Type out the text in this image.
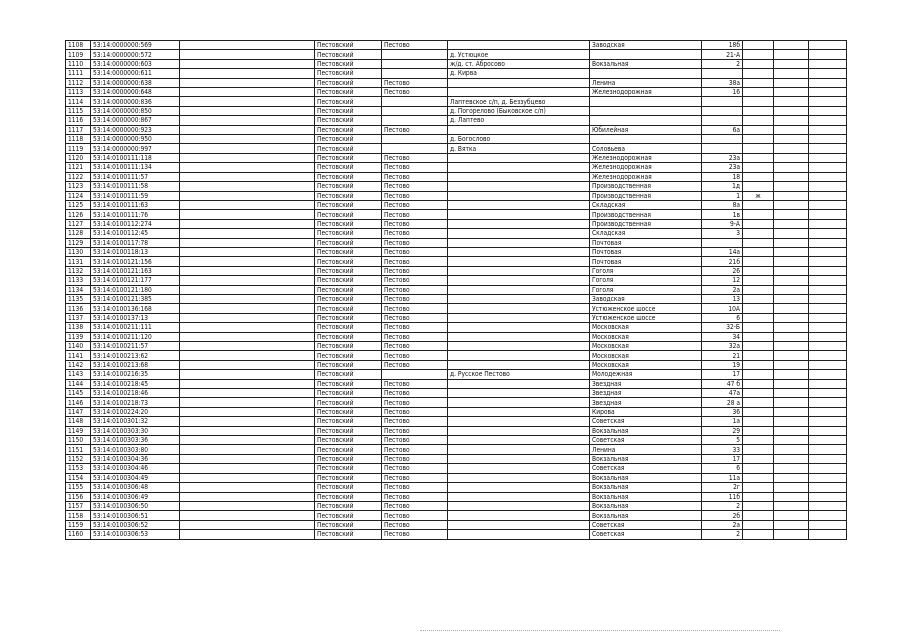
1108	53:14:0000000:569		Пестовский	Пестово		Заводская	18б			
1109	53:14:0000000:572		Пестовский		д. Устюцкое		21-А			
1110	53:14:0000000:603		Пестовский		ж/д. ст. Абросово	Вокзальная	2			
1111	53:14:0000000:611		Пестовский		д. Кирва					
1112	53:14:0000000:638		Пестовский	Пестово		Ленина	38а			
1113	53:14:0000000:648		Пестовский	Пестово		Железнодорожная	16			
1114	53:14:0000000:836		Пестовский		Лаптевское с/п, д. Беззубцево					
1115	53:14:0000000:850		Пестовский		д. Погорелово (Быковское с/п)					
1116	53:14:0000000:867		Пестовский		д. Лаптево					
1117	53:14:0000000:923		Пестовский	Пестово		Юбилейная	6а			
1118	53:14:0000000:950		Пестовский		д. Богослово					
1119	53:14:0000000:997		Пестовский		д. Вятка	Соловьева				
1120	53:14:0100111:118		Пестовский	Пестово		Железнодорожная	23а			
1121	53:14:0100111:134		Пестовский	Пестово		Железнодорожная	23а			
1122	53:14:0100111:57		Пестовский	Пестово		Железнодорожная	18			
1123	53:14:0100111:58		Пестовский	Пестово		Производственная	1д			
1124	53:14:0100111:59		Пестовский	Пестово		Производственная	1	ж		
1125	53:14:0100111:63		Пестовский	Пестово		Складская	8а			
1126	53:14:0100111:76		Пестовский	Пестово		Производственная	1в			
1127	53:14:0100112:274		Пестовский	Пестово		Производственная	9-А			
1128	53:14:0100112:45		Пестовский	Пестово		Складская	3			
1129	53:14:0100117:78		Пестовский	Пестово		Почтовая				
1130	53:14:0100118:13		Пестовский	Пестово		Почтовая	14а			
1131	53:14:0100121:156		Пестовский	Пестово		Почтовая	21б			
1132	53:14:0100121:163		Пестовский	Пестово		Гоголя	26			
1133	53:14:0100121:177		Пестовский	Пестово		Гоголя	12			
1134	53:14:0100121:180		Пестовский	Пестово		Гоголя	2а			
1135	53:14:0100121:385		Пестовский	Пестово		Заводская	13			
1136	53:14:0100136:168		Пестовский	Пестово		Устюженское шоссе	10А			
1137	53:14:0100137:13		Пестовский	Пестово		Устюженское шоссе	6			
1138	53:14:0100211:111		Пестовский	Пестово		Московская	32-Б			
1139	53:14:0100211:120		Пестовский	Пестово		Московская	34			
1140	53:14:0100211:57		Пестовский	Пестово		Московская	32а			
1141	53:14:0100213:62		Пестовский	Пестово		Московская	21			
1142	53:14:0100213:68		Пестовский	Пестово		Московская	19			
1143	53:14:0100216:35		Пестовский		д. Русское Пестово	Молодежная	17			
1144	53:14:0100218:45		Пестовский	Пестово		Звездная	47 б			
1145	53:14:0100218:46		Пестовский	Пестово		Звездная	47а			
1146	53:14:0100218:73		Пестовский	Пестово		Звездная	28 а			
1147	53:14:0100224:20		Пестовский	Пестово		Кирова	36			
1148	53:14:0100301:32		Пестовский	Пестово		Советская	1а			
1149	53:14:0100303:30		Пестовский	Пестово		Вокзальная	29			
1150	53:14:0100303:36		Пестовский	Пестово		Советская	5			
1151	53:14:0100303:80		Пестовский	Пестово		Ленина	33			
1152	53:14:0100304:36		Пестовский	Пестово		Вокзальная	17			
1153	53:14:0100304:46		Пестовский	Пестово		Советская	6			
1154	53:14:0100304:49		Пестовский	Пестово		Вокзальная	11а			
1155	53:14:0100306:48		Пестовский	Пестово		Вокзальная	2г			
1156	53:14:0100306:49		Пестовский	Пестово		Вокзальная	11б			
1157	53:14:0100306:50		Пестовский	Пестово		Вокзальная	2			
1158	53:14:0100306:51		Пестовский	Пестово		Вокзальная	2б			
1159	53:14:0100306:52		Пестовский	Пестово		Советская	2а			
1160	53:14:0100306:53		Пестовский	Пестово		Советская	2			
